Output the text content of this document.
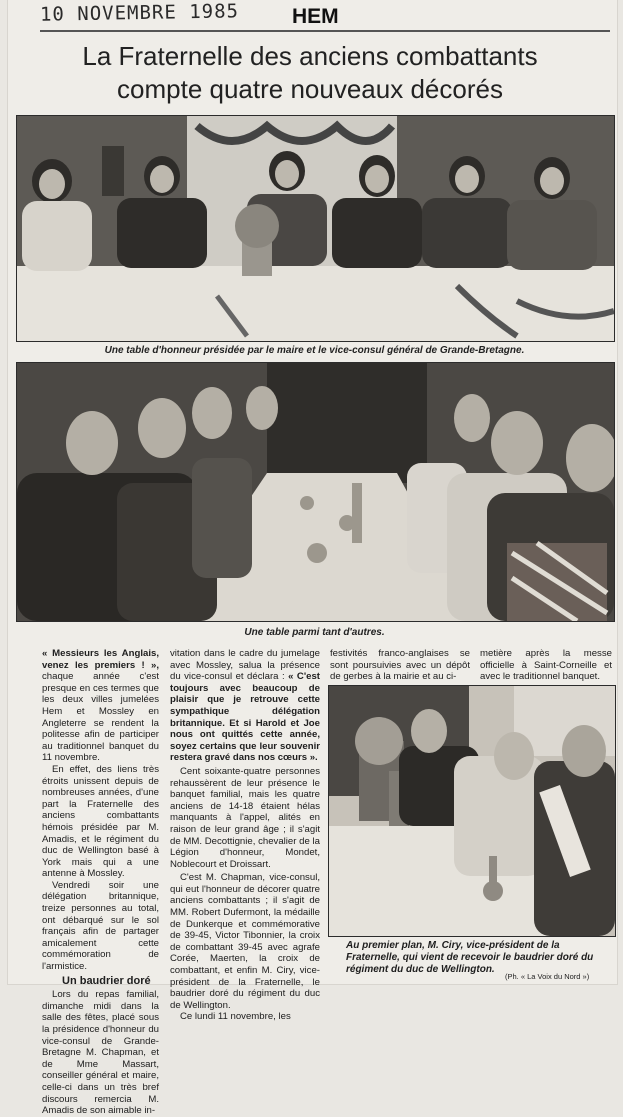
10 NOVEMBRE 1985	HEM
La Fraternelle des anciens combattants
compte quatre nouveaux décorés
Une table d'honneur présidée par le maire et le vice-consul général de Grande-Bretagne.
Une table parmi tant d'autres.

« Messieurs les Anglais, venez les premiers ! », chaque année c'est presque en ces termes que les deux villes jumelées Hem et Mossley en Angleterre se rendent la politesse afin de participer au traditionnel banquet du 11 novembre.

En effet, des liens très étroits unissent depuis de nombreuses années, d'une part la Fraternelle des anciens combattants hémois présidée par M. Amadis, et le régiment du duc de Wellington basé à York mais qui a une antenne à Mossley.

Vendredi soir une délégation britannique, treize personnes au total, ont débarqué sur le sol français afin de partager amicalement cette commémoration de l'armistice.

Un baudrier doré

Lors du repas familial, dimanche midi dans la salle des fêtes, placé sous la présidence d'honneur du vice-consul de Grande-Bretagne M. Chapman, et de Mme Massart, conseiller général et maire, celle-ci dans un très bref discours remercia M. Amadis de son aimable in-

vitation dans le cadre du jumelage avec Mossley, salua la présence du vice-consul et déclara : « C'est toujours avec beaucoup de plaisir que je retrouve cette sympathique délégation britannique. Et si Harold et Joe nous ont quittés cette année, soyez certains que leur souvenir restera gravé dans nos cœurs ».

Cent soixante-quatre personnes rehaussèrent de leur présence le banquet familial, mais les quatre anciens de 14-18 étaient hélas manquants à l'appel, alités en raison de leur grand âge ; il s'agit de MM. Decottignie, chevalier de la Légion d'honneur, Mondet, Noblecourt et Droissart.

C'est M. Chapman, vice-consul, qui eut l'honneur de décorer quatre anciens combattants ; il s'agit de MM. Robert Dufermont, la médaille de Dunkerque et commémorative de 39-45, Victor Tibonnier, la croix de combattant 39-45 avec agrafe Corée, Maerten, la croix de combattant, et enfin M. Ciry, vice-président de la Fraternelle, le baudrier doré du régiment du duc de Wellington.

Ce lundi 11 novembre, les

festivités franco-anglaises se sont poursuivies avec un dépôt de gerbes à la mairie et au ci-

metière après la messe officielle à Saint-Corneille et avec le traditionnel banquet.

Au premier plan, M. Ciry, vice-président de la Fraternelle, qui vient de recevoir le baudrier doré du régiment du duc de Wellington.
(Ph. « La Voix du Nord »)
